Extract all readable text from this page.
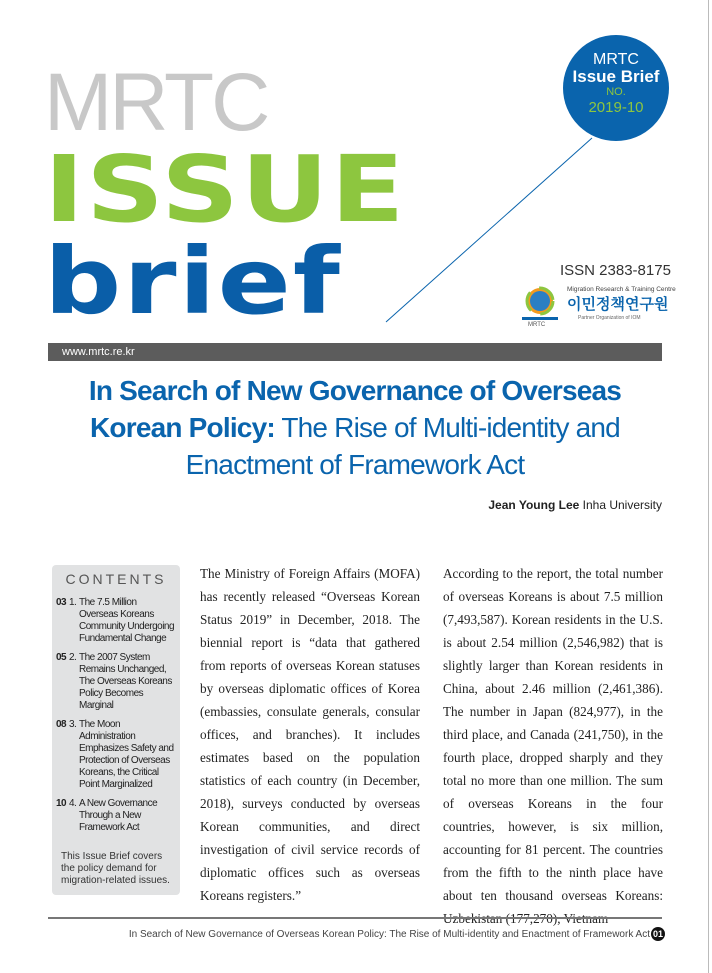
MRTC
ISSUE
brief
MRTC
Issue Brief
NO.
2019-10
ISSN 2383-8175
MRTC
Migration Research & Training Centre
이민정책연구원
Partner Organization of IOM
www.mrtc.re.kr
In Search of New Governance of Overseas
Korean Policy: The Rise of Multi-identity and
Enactment of Framework Act
Jean Young Lee Inha University
CONTENTS
03 1. The 7.5 Million Overseas Koreans Community Undergoing Fundamental Change
05 2. The 2007 System Remains Unchanged, The Overseas Koreans Policy Becomes Marginal
08 3. The Moon Administration Emphasizes Safety and Protection of Overseas Koreans, the Critical Point Marginalized
10 4. A New Governance Through a New Framework Act
This Issue Brief covers the policy demand for migration-related issues.
The Ministry of Foreign Affairs (MOFA) has recently released “Overseas Korean Status 2019” in December, 2018. The biennial report is “data that gathered from reports of overseas Korean statuses by overseas diplomatic offices of Korea (embassies, consulate generals, consular offices, and branches). It includes estimates based on the population statistics of each country (in December, 2018), surveys conducted by overseas Korean communities, and direct investigation of civil service records of diplomatic offices such as overseas Koreans registers.”
According to the report, the total number of overseas Koreans is about 7.5 million (7,493,587). Korean residents in the U.S. is about 2.54 million (2,546,982) that is slightly larger than Korean residents in China, about 2.46 million (2,461,386). The number in Japan (824,977), in the third place, and Canada (241,750), in the fourth place, dropped sharply and they total no more than one million. The sum of overseas Koreans in the four countries, however, is six million, accounting for 81 percent. The countries from the fifth to the ninth place have about ten thousand overseas Koreans:
In Search of New Governance of Overseas Korean Policy: The Rise of Multi-identity and Enactment of Framework Act 01
